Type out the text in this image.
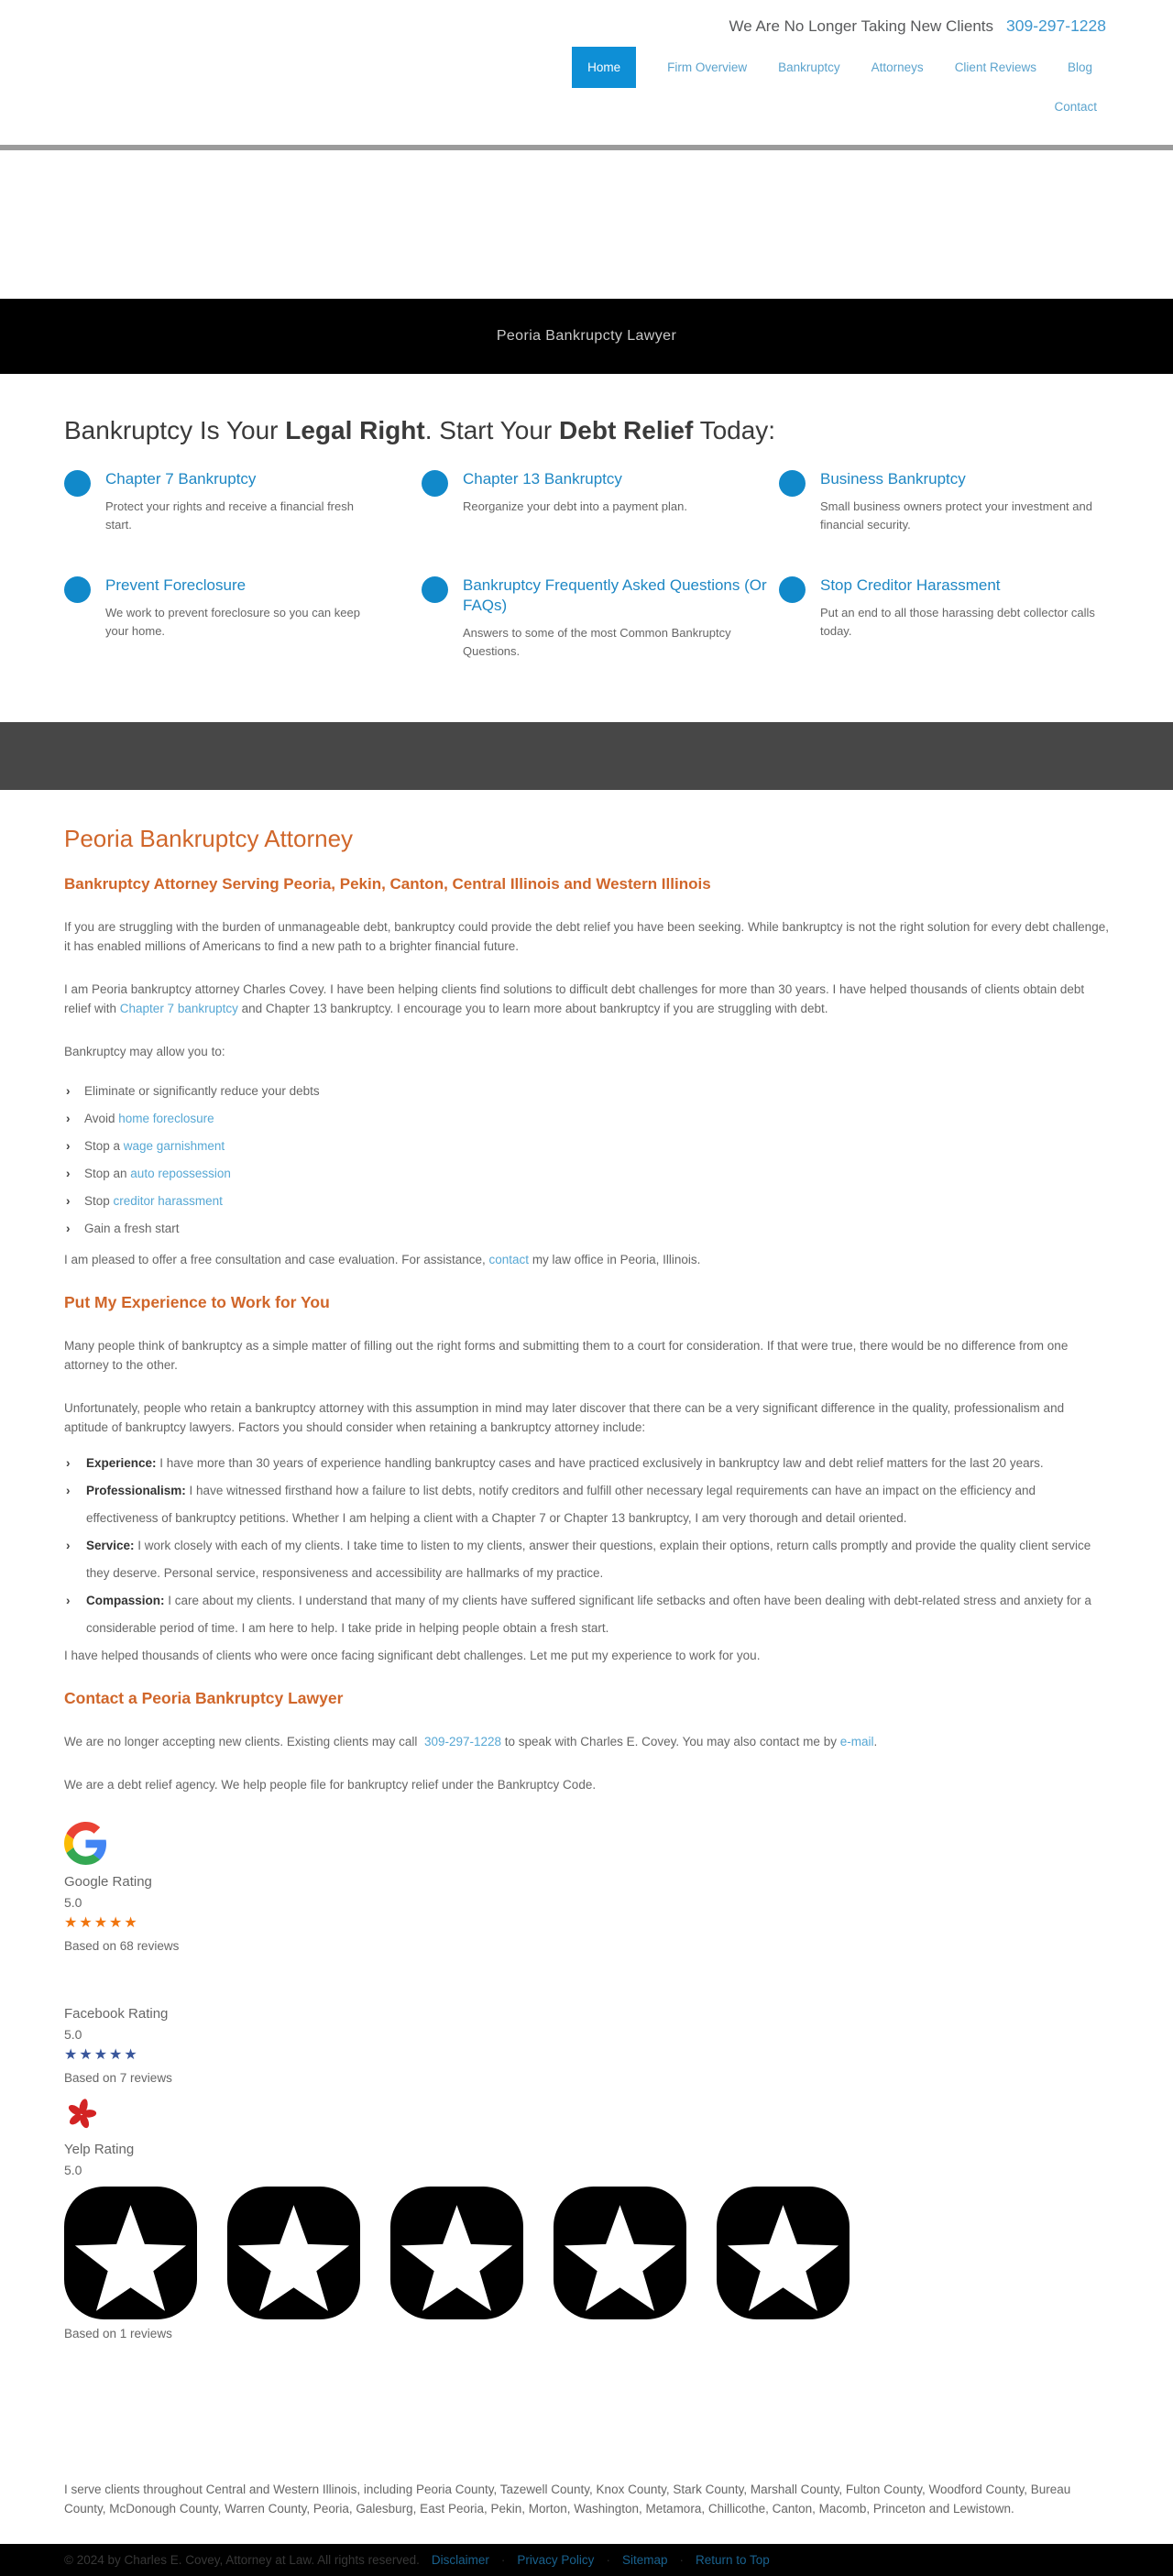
We Are No Longer Taking New Clients 309-297-1228
Home	Firm Overview	Bankruptcy	Attorneys	Client Reviews	Blog
Contact
Peoria Bankrupcty Lawyer
Bankruptcy Is Your Legal Right. Start Your Debt Relief Today:
Chapter 7 Bankruptcy
Protect your rights and receive a financial fresh start.
Chapter 13 Bankruptcy
Reorganize your debt into a payment plan.
Business Bankruptcy
Small business owners protect your investment and financial security.
Prevent Foreclosure
We work to prevent foreclosure so you can keep your home.
Bankruptcy Frequently Asked Questions (Or FAQs)
Answers to some of the most Common Bankruptcy Questions.
Stop Creditor Harassment
Put an end to all those harassing debt collector calls today.
Peoria Bankruptcy Attorney
Bankruptcy Attorney Serving Peoria, Pekin, Canton, Central Illinois and Western Illinois

If you are struggling with the burden of unmanageable debt, bankruptcy could provide the debt relief you have been seeking. While bankruptcy is not the right solution for every debt challenge, it has enabled millions of Americans to find a new path to a brighter financial future.

I am Peoria bankruptcy attorney Charles Covey. I have been helping clients find solutions to difficult debt challenges for more than 30 years. I have helped thousands of clients obtain debt relief with Chapter 7 bankruptcy and Chapter 13 bankruptcy. I encourage you to learn more about bankruptcy if you are struggling with debt.

Bankruptcy may allow you to:

› Eliminate or significantly reduce your debts
› Avoid home foreclosure
› Stop a wage garnishment
› Stop an auto repossession
› Stop creditor harassment
› Gain a fresh start

I am pleased to offer a free consultation and case evaluation. For assistance, contact my law office in Peoria, Illinois.

Put My Experience to Work for You

Many people think of bankruptcy as a simple matter of filling out the right forms and submitting them to a court for consideration. If that were true, there would be no difference from one attorney to the other.

Unfortunately, people who retain a bankruptcy attorney with this assumption in mind may later discover that there can be a very significant difference in the quality, professionalism and aptitude of bankruptcy lawyers. Factors you should consider when retaining a bankruptcy attorney include:

› Experience: I have more than 30 years of experience handling bankruptcy cases and have practiced exclusively in bankruptcy law and debt relief matters for the last 20 years.
› Professionalism: I have witnessed firsthand how a failure to list debts, notify creditors and fulfill other necessary legal requirements can have an impact on the efficiency and effectiveness of bankruptcy petitions. Whether I am helping a client with a Chapter 7 or Chapter 13 bankruptcy, I am very thorough and detail oriented.
› Service: I work closely with each of my clients. I take time to listen to my clients, answer their questions, explain their options, return calls promptly and provide the quality client service they deserve. Personal service, responsiveness and accessibility are hallmarks of my practice.
› Compassion: I care about my clients. I understand that many of my clients have suffered significant life setbacks and often have been dealing with debt-related stress and anxiety for a considerable period of time. I am here to help. I take pride in helping people obtain a fresh start.

I have helped thousands of clients who were once facing significant debt challenges. Let me put my experience to work for you.

Contact a Peoria Bankruptcy Lawyer

We are no longer accepting new clients. Existing clients may call  309-297-1228 to speak with Charles E. Covey. You may also contact me by e-mail.

We are a debt relief agency. We help people file for bankruptcy relief under the Bankruptcy Code.

Google Rating
5.0
★★★★★
Based on 68 reviews
Facebook Rating
5.0
★★★★★
Based on 7 reviews
Yelp Rating
5.0
Based on 1 reviews

I serve clients throughout Central and Western Illinois, including Peoria County, Tazewell County, Knox County, Stark County, Marshall County, Fulton County, Woodford County, Bureau County, McDonough County, Warren County, Peoria, Galesburg, East Peoria, Pekin, Morton, Washington, Metamora, Chillicothe, Canton, Macomb, Princeton and Lewistown.

© 2024 by Charles E. Covey, Attorney at Law. All rights reserved. Disclaimer · Privacy Policy · Sitemap · Return to Top
